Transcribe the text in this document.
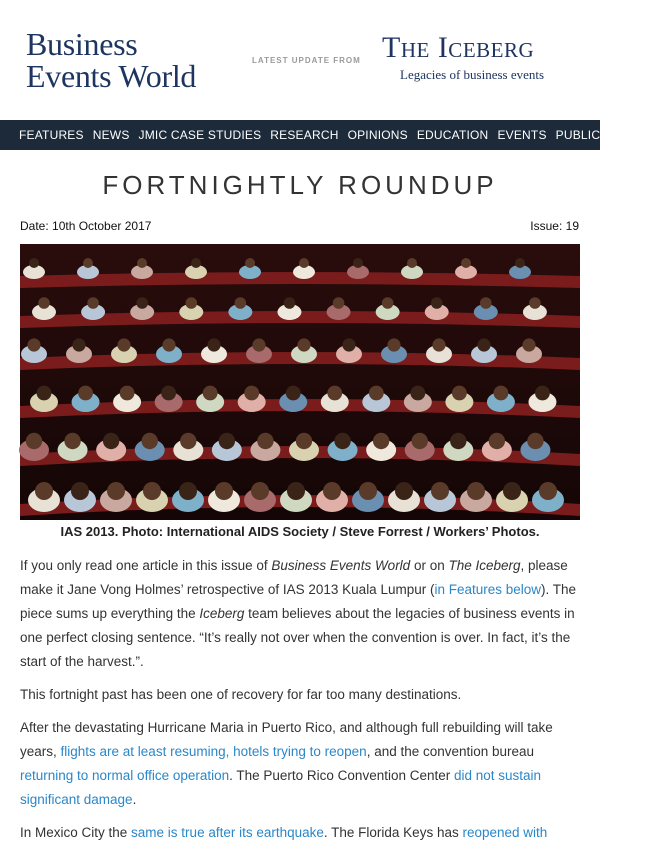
Business
Events World	LATEST UPDATE FROM The Iceberg
Legacies of business events
FEATURES NEWS JMIC CASE STUDIES RESEARCH OPINIONS EDUCATION EVENTS PUBLICATIONS
FORTNIGHTLY ROUNDUP
Date: 10th October 2017	Issue: 19
IAS 2013. Photo: International AIDS Society / Steve Forrest / Workers’ Photos.

If you only read one article in this issue of Business Events World or on The Iceberg, please make it Jane Vong Holmes’ retrospective of IAS 2013 Kuala Lumpur (in Features below). The piece sums up everything the Iceberg team believes about the legacies of business events in one perfect closing sentence. “It’s really not over when the convention is over. In fact, it’s the start of the harvest.”.

This fortnight past has been one of recovery for far too many destinations.

After the devastating Hurricane Maria in Puerto Rico, and although full rebuilding will take years, flights are at least resuming, hotels trying to reopen, and the convention bureau returning to normal office operation. The Puerto Rico Convention Center did not sustain significant damage.

In Mexico City the same is true after its earthquake. The Florida Keys has reopened with
